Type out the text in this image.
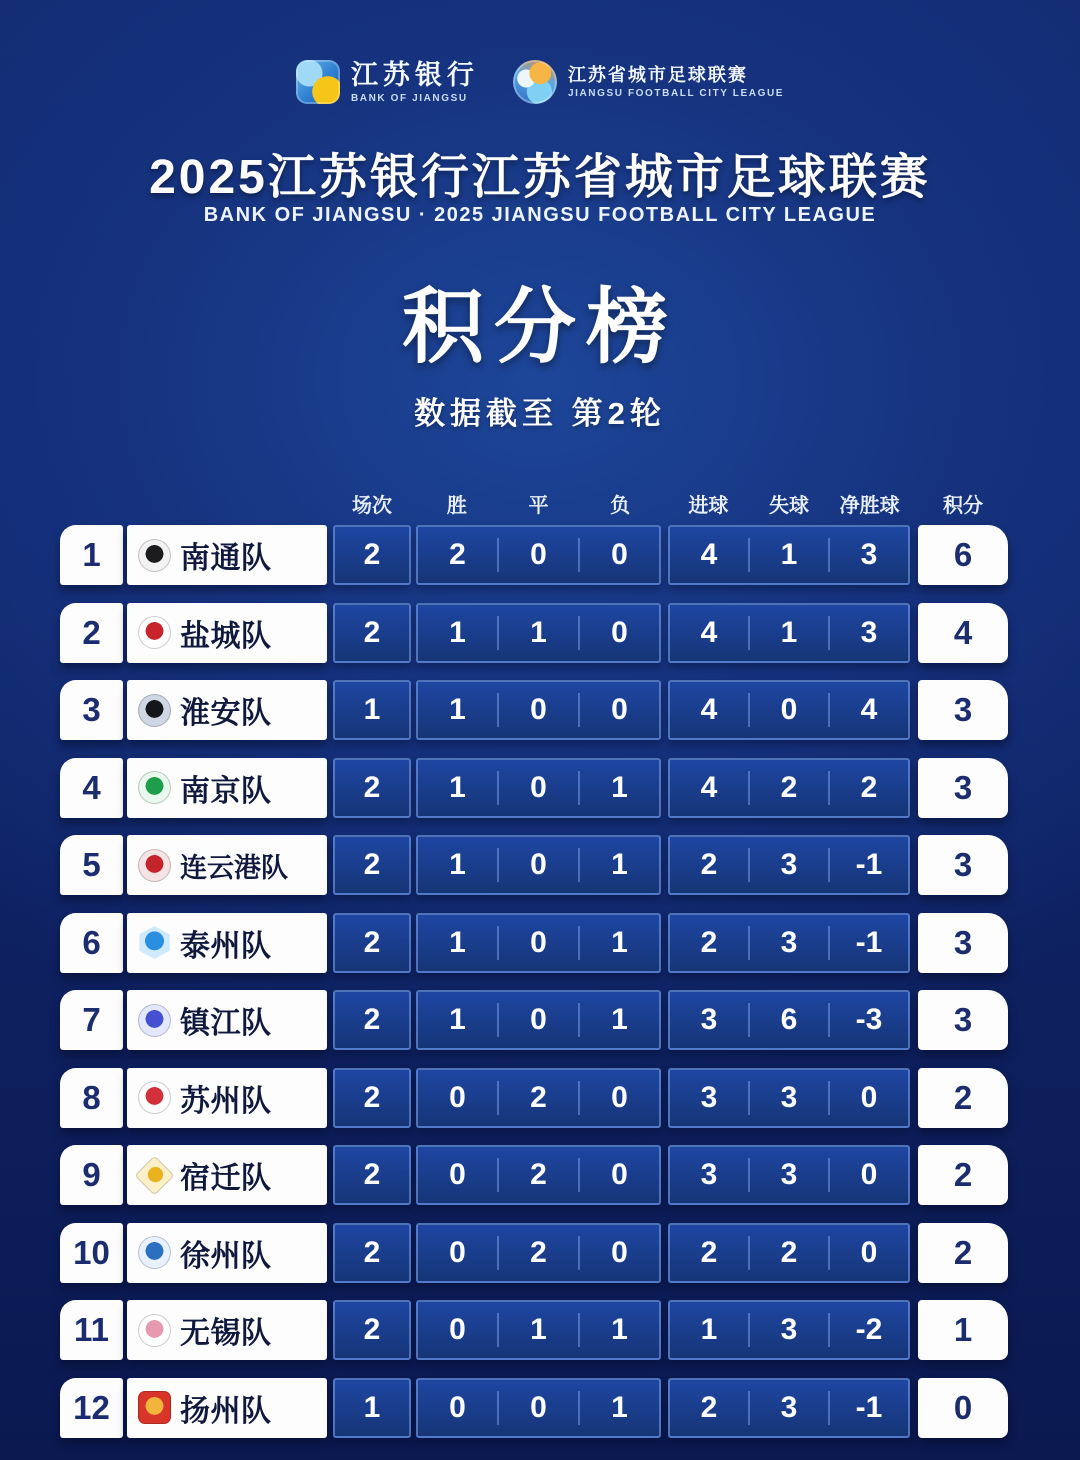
江苏银行
BANK OF JIANGSU
江苏省城市足球联赛
JIANGSU FOOTBALL CITY LEAGUE
2025江苏银行江苏省城市足球联赛
BANK OF JIANGSU · 2025 JIANGSU FOOTBALL CITY LEAGUE
积分榜
数据截至 第2轮
场次	胜	平	负	进球	失球	净胜球	积分
1	南通队	2	2	0	0	4	1	3	6
2	盐城队	2	1	1	0	4	1	3	4
3	淮安队	1	1	0	0	4	0	4	3
4	南京队	2	1	0	1	4	2	2	3
5	连云港队	2	1	0	1	2	3	-1	3
6	泰州队	2	1	0	1	2	3	-1	3
7	镇江队	2	1	0	1	3	6	-3	3
8	苏州队	2	0	2	0	3	3	0	2
9	宿迁队	2	0	2	0	3	3	0	2
10 徐州队	2	0	2	0	2	2	0	2
11 无锡队	2	0	1	1	1	3	-2	1
12 扬州队	1	0	0	1	2	3	-1	0
